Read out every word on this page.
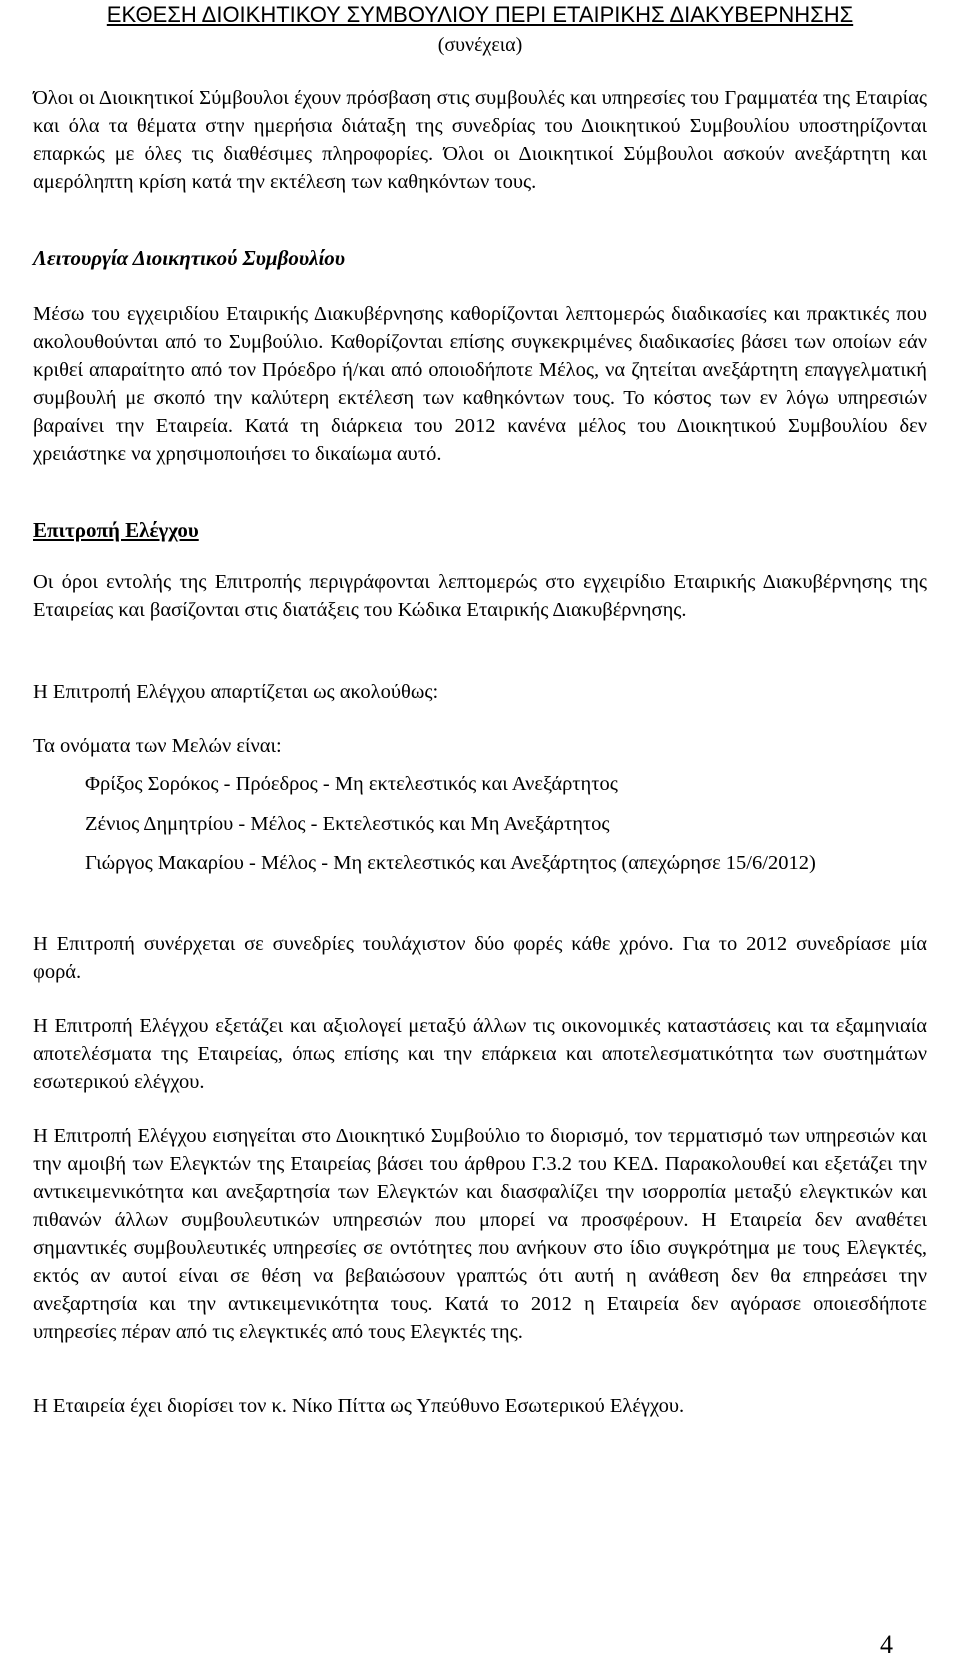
ΕΚΘΕΣΗ ΔΙΟΙΚΗΤΙΚΟΥ ΣΥΜΒΟΥΛΙΟΥ ΠΕΡΙ ΕΤΑΙΡΙΚΗΣ ΔΙΑΚΥΒΕΡΝΗΣΗΣ
(συνέχεια)
Όλοι οι Διοικητικοί Σύμβουλοι έχουν πρόσβαση στις συμβουλές και υπηρεσίες του Γραμματέα της Εταιρίας και όλα τα θέματα στην ημερήσια διάταξη της συνεδρίας του Διοικητικού Συμβουλίου υποστηρίζονται επαρκώς με όλες τις διαθέσιμες πληροφορίες. Όλοι οι Διοικητικοί Σύμβουλοι ασκούν ανεξάρτητη και αμερόληπτη κρίση κατά την εκτέλεση των καθηκόντων τους.
Λειτουργία Διοικητικού Συμβουλίου
Μέσω του εγχειριδίου Εταιρικής Διακυβέρνησης καθορίζονται λεπτομερώς διαδικασίες και πρακτικές που ακολουθούνται από το Συμβούλιο. Καθορίζονται επίσης συγκεκριμένες διαδικασίες βάσει των οποίων εάν κριθεί απαραίτητο από τον Πρόεδρο ή/και από οποιοδήποτε Μέλος, να ζητείται ανεξάρτητη επαγγελματική συμβουλή με σκοπό την καλύτερη εκτέλεση των καθηκόντων τους. Το κόστος των εν λόγω υπηρεσιών βαραίνει την Εταιρεία. Κατά τη διάρκεια του 2012 κανένα μέλος του Διοικητικού Συμβουλίου δεν χρειάστηκε να χρησιμοποιήσει το δικαίωμα αυτό.
Επιτροπή Ελέγχου
Οι όροι εντολής της Επιτροπής περιγράφονται λεπτομερώς στο εγχειρίδιο Εταιρικής Διακυβέρνησης της Εταιρείας και βασίζονται στις διατάξεις του Κώδικα Εταιρικής Διακυβέρνησης.
Η Επιτροπή Ελέγχου απαρτίζεται ως ακολούθως:
Τα ονόματα των Μελών είναι:
Φρίξος Σορόκος - Πρόεδρος - Μη εκτελεστικός και Ανεξάρτητος
Ζένιος Δημητρίου - Μέλος - Εκτελεστικός και Μη Ανεξάρτητος
Γιώργος Μακαρίου - Μέλος - Μη εκτελεστικός και Ανεξάρτητος (απεχώρησε 15/6/2012)
Η Επιτροπή συνέρχεται σε συνεδρίες τουλάχιστον δύο φορές κάθε χρόνο. Για το 2012 συνεδρίασε μία φορά.
Η Επιτροπή Ελέγχου εξετάζει και αξιολογεί μεταξύ άλλων τις οικονομικές καταστάσεις και τα εξαμηνιαία αποτελέσματα της Εταιρείας, όπως επίσης και την επάρκεια και αποτελεσματικότητα των συστημάτων εσωτερικού ελέγχου.
Η Επιτροπή Ελέγχου εισηγείται στο Διοικητικό Συμβούλιο το διορισμό, τον τερματισμό των υπηρεσιών και την αμοιβή των Ελεγκτών της Εταιρείας βάσει του άρθρου Γ.3.2 του ΚΕΔ. Παρακολουθεί και εξετάζει την αντικειμενικότητα και ανεξαρτησία των Ελεγκτών και διασφαλίζει την ισορροπία μεταξύ ελεγκτικών και πιθανών άλλων συμβουλευτικών υπηρεσιών που μπορεί να προσφέρουν. Η Εταιρεία δεν αναθέτει σημαντικές συμβουλευτικές υπηρεσίες σε οντότητες που ανήκουν στο ίδιο συγκρότημα με τους Ελεγκτές, εκτός αν αυτοί είναι σε θέση να βεβαιώσουν γραπτώς ότι αυτή η ανάθεση δεν θα επηρεάσει την ανεξαρτησία και την αντικειμενικότητα τους. Κατά το 2012 η Εταιρεία δεν αγόρασε οποιεσδήποτε υπηρεσίες πέραν από τις ελεγκτικές από τους Ελεγκτές της.
Η Εταιρεία έχει διορίσει τον κ. Νίκο Πίττα ως Υπεύθυνο Εσωτερικού Ελέγχου.
4
